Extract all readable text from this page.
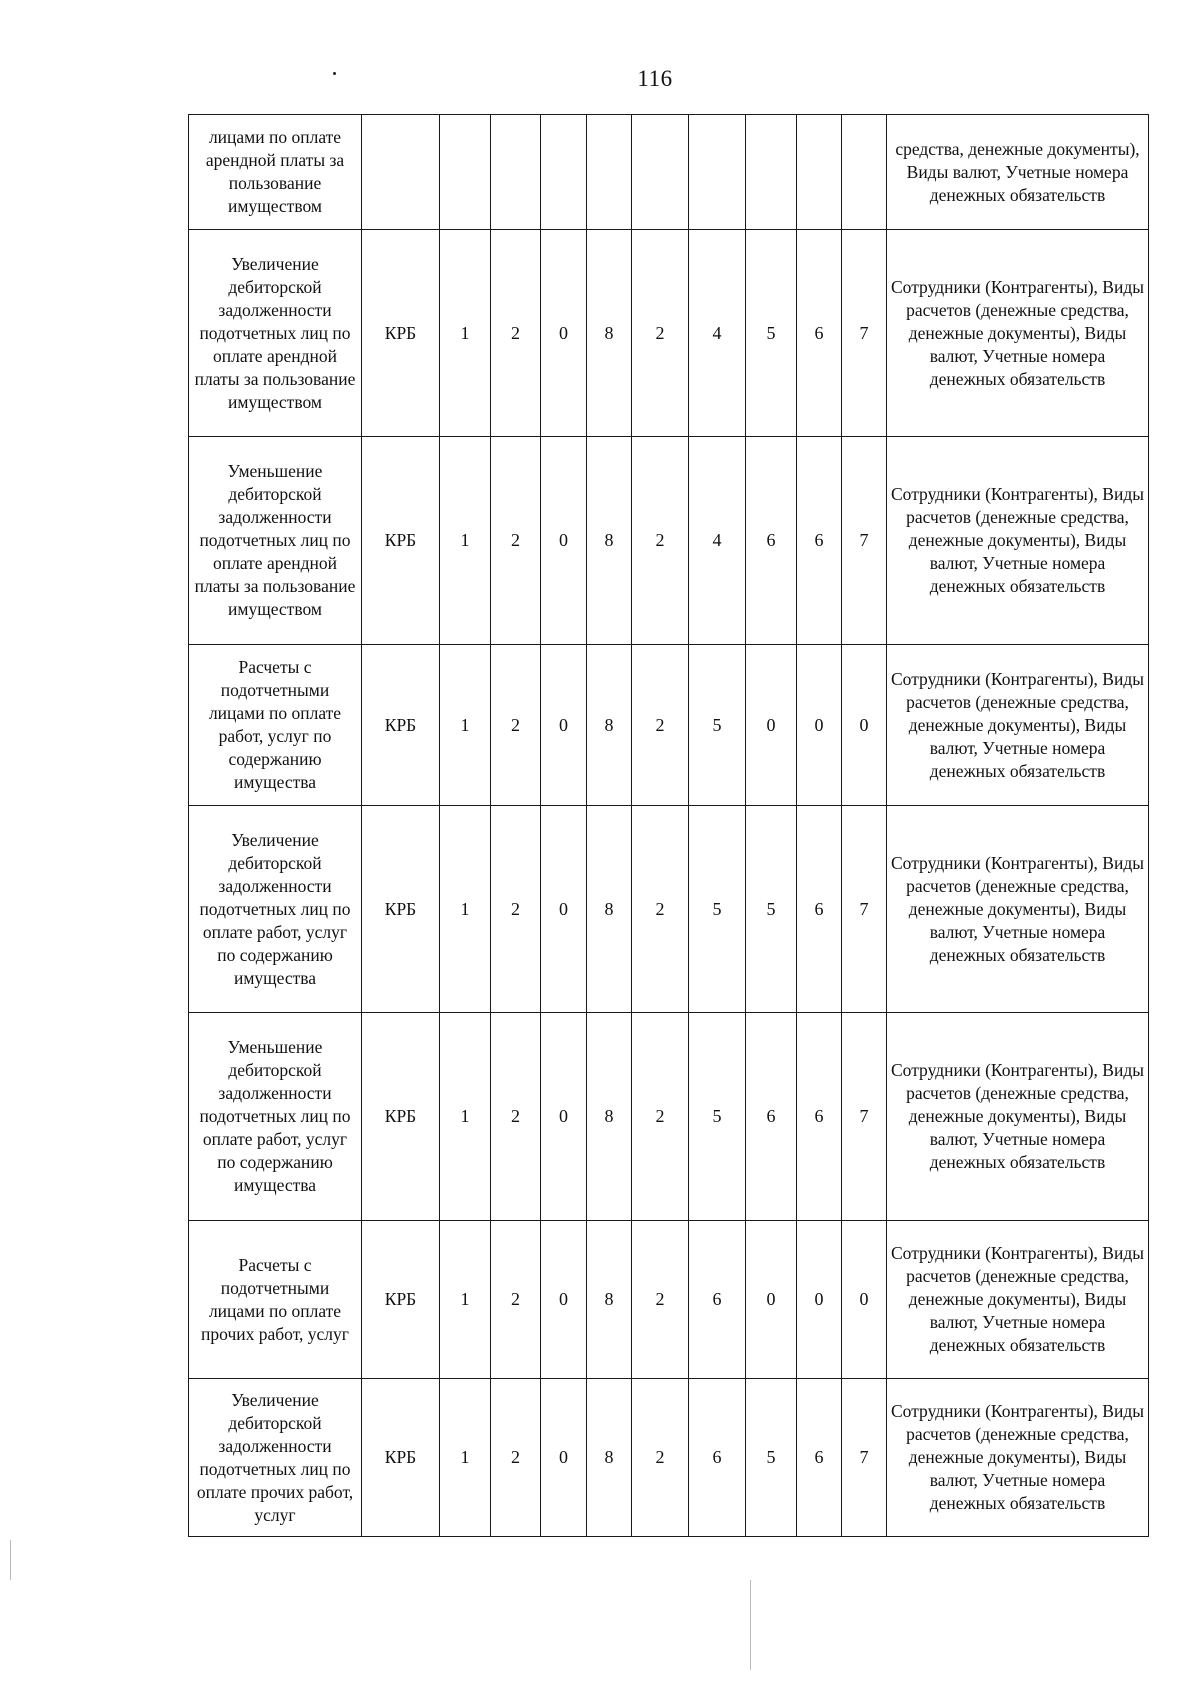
116
лицами по оплате арендной платы за пользование имуществом											средства, денежные документы), Виды валют, Учетные номера денежных обязательств
Увеличение дебиторской задолженности подотчетных лиц по оплате арендной платы за пользование имуществом	КРБ	1	2	0	8	2	4	5	6	7	Сотрудники (Контрагенты), Виды расчетов (денежные средства, денежные документы), Виды валют, Учетные номера денежных обязательств
Уменьшение дебиторской задолженности подотчетных лиц по оплате арендной платы за пользование имуществом	КРБ	1	2	0	8	2	4	6	6	7	Сотрудники (Контрагенты), Виды расчетов (денежные средства, денежные документы), Виды валют, Учетные номера денежных обязательств
Расчеты с подотчетными лицами по оплате работ, услуг по содержанию имущества	КРБ	1	2	0	8	2	5	0	0	0	Сотрудники (Контрагенты), Виды расчетов (денежные средства, денежные документы), Виды валют, Учетные номера денежных обязательств
Увеличение дебиторской задолженности подотчетных лиц по оплате работ, услуг по содержанию имущества	КРБ	1	2	0	8	2	5	5	6	7	Сотрудники (Контрагенты), Виды расчетов (денежные средства, денежные документы), Виды валют, Учетные номера денежных обязательств
Уменьшение дебиторской задолженности подотчетных лиц по оплате работ, услуг по содержанию имущества	КРБ	1	2	0	8	2	5	6	6	7	Сотрудники (Контрагенты), Виды расчетов (денежные средства, денежные документы), Виды валют, Учетные номера денежных обязательств
Расчеты с подотчетными лицами по оплате прочих работ, услуг	КРБ	1	2	0	8	2	6	0	0	0	Сотрудники (Контрагенты), Виды расчетов (денежные средства, денежные документы), Виды валют, Учетные номера денежных обязательств
Увеличение дебиторской задолженности подотчетных лиц по оплате прочих работ, услуг	КРБ	1	2	0	8	2	6	5	6	7	Сотрудники (Контрагенты), Виды расчетов (денежные средства, денежные документы), Виды валют, Учетные номера денежных обязательств
